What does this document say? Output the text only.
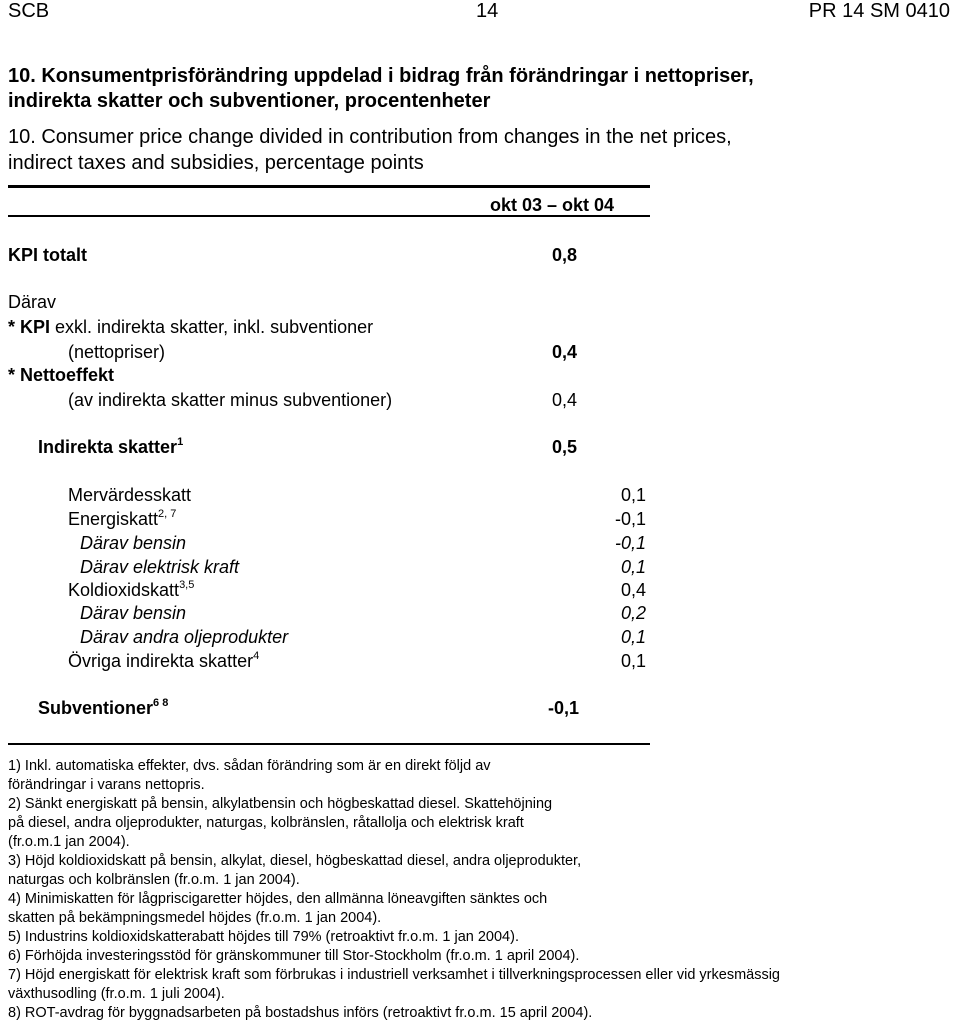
SCB	14	PR 14 SM 0410
10. Konsumentprisförändring uppdelad i bidrag från förändringar i nettopriser,
indirekta skatter och subventioner, procentenheter
10. Consumer price change divided in contribution from changes in the net prices,
indirect taxes and subsidies, percentage points
okt 03 – okt 04
KPI totalt	0,8
Därav
* KPI exkl. indirekta skatter, inkl. subventioner
(nettopriser)	0,4
* Nettoeffekt
(av indirekta skatter minus subventioner)	0,4
Indirekta skatter$^1$	0,5
Mervärdesskatt	0,1
Energiskatt$^{2, 7}$	-0,1
Därav bensin	-0,1
Därav elektrisk kraft	0,1
Koldioxidskatt$^{3,5}$	0,4
Därav bensin	0,2
Därav andra oljeprodukter	0,1
Övriga indirekta skatter$^4$	0,1
Subventioner$^{6 8}$	-0,1
1) Inkl. automatiska effekter, dvs. sådan förändring som är en direkt följd av
förändringar i varans nettopris.
2) Sänkt energiskatt på bensin, alkylatbensin och högbeskattad diesel. Skattehöjning
på diesel, andra oljeprodukter, naturgas, kolbränslen, råtallolja och elektrisk kraft
(fr.o.m.1 jan 2004).
3) Höjd koldioxidskatt på bensin, alkylat, diesel, högbeskattad diesel, andra oljeprodukter,
naturgas och kolbränslen (fr.o.m. 1 jan 2004).
4) Minimiskatten för lågpriscigaretter höjdes, den allmänna löneavgiften sänktes och
skatten på bekämpningsmedel höjdes (fr.o.m. 1 jan 2004).
5) Industrins koldioxidskatterabatt höjdes till 79% (retroaktivt fr.o.m. 1 jan 2004).
6) Förhöjda investeringsstöd för gränskommuner till Stor-Stockholm (fr.o.m. 1 april 2004).
7) Höjd energiskatt för elektrisk kraft som förbrukas i industriell verksamhet i tillverkningsprocessen eller vid yrkesmässig
växthusodling (fr.o.m. 1 juli 2004).
8) ROT-avdrag för byggnadsarbeten på bostadshus införs (retroaktivt fr.o.m. 15 april 2004).
